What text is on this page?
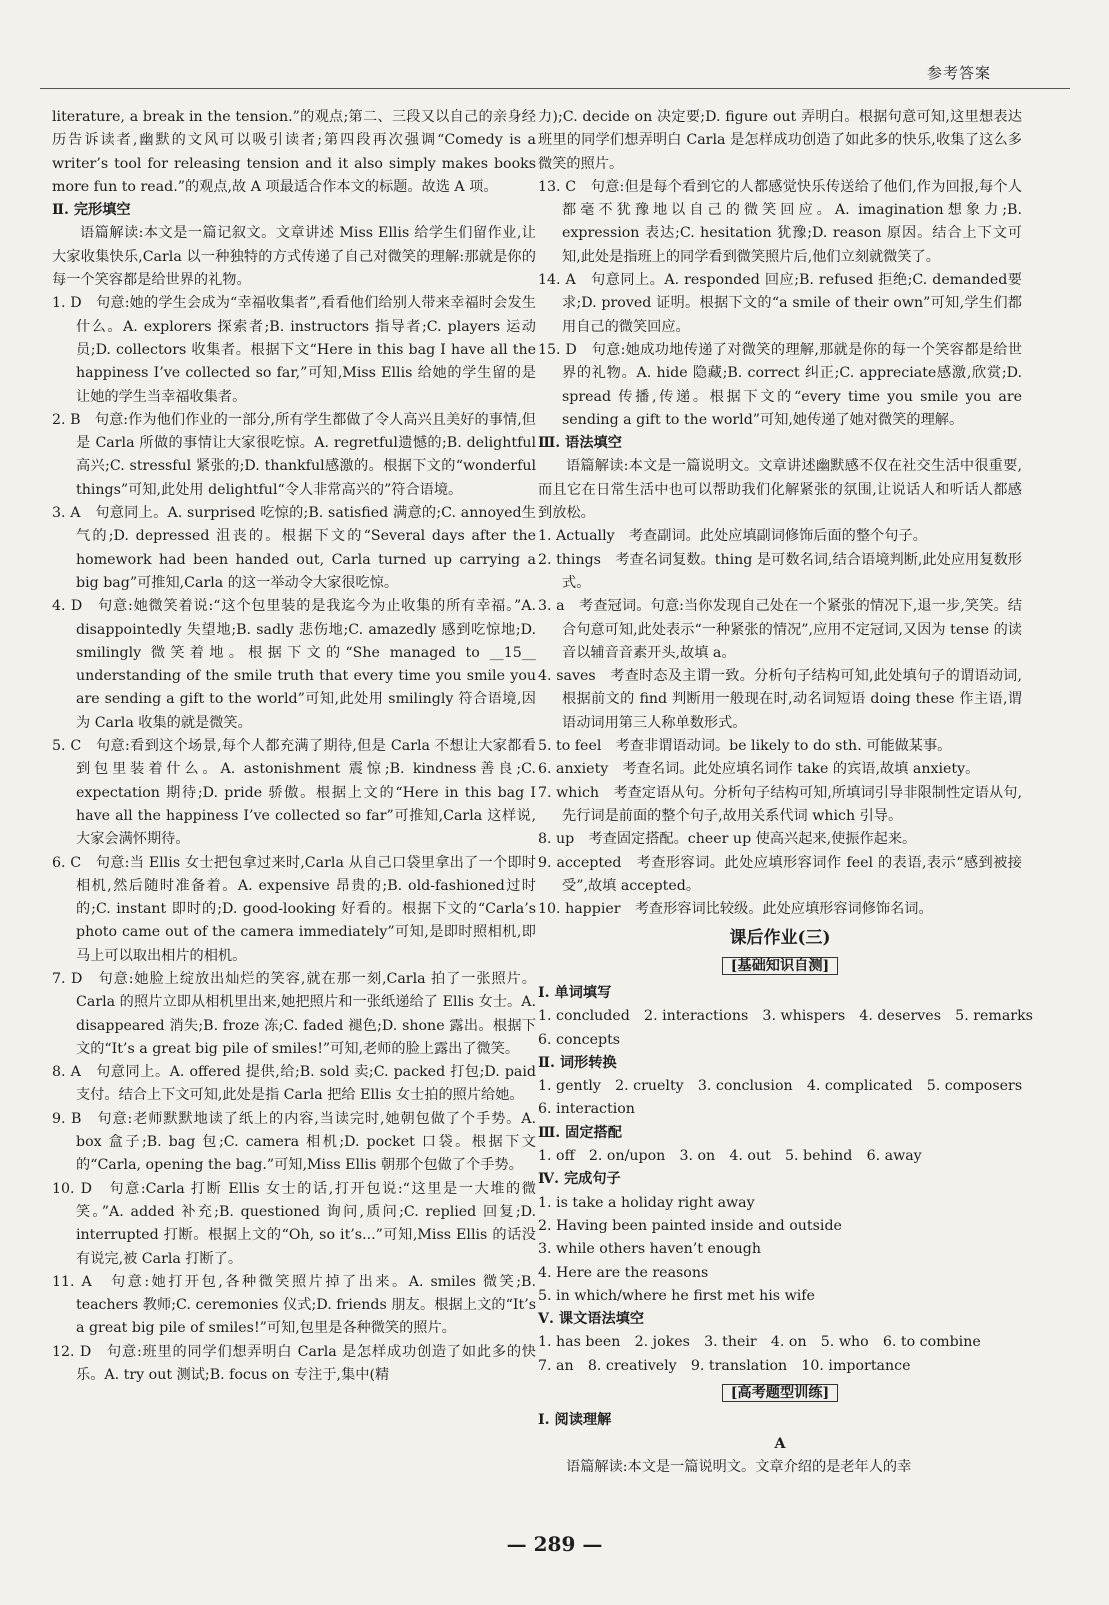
参考答案

literature, a break in the tension.”的观点;第二、三段又以自己的亲身经历告诉读者,幽默的文风可以吸引读者;第四段再次强调“Comedy is a writer’s tool for releasing tension and it also simply makes books more fun to read.”的观点,故 A 项最适合作本文的标题。故选 A 项。

Ⅱ. 完形填空

语篇解读:本文是一篇记叙文。文章讲述 Miss Ellis 给学生们留作业,让大家收集快乐,Carla 以一种独特的方式传递了自己对微笑的理解:那就是你的每一个笑容都是给世界的礼物。

1. D　句意:她的学生会成为“幸福收集者”,看看他们给别人带来幸福时会发生什么。A. explorers 探索者;B. instructors 指导者;C. players 运动员;D. collectors 收集者。根据下文“Here in this bag I have all the happiness I’ve collected so far,”可知,Miss Ellis 给她的学生留的是让她的学生当幸福收集者。

2. B　句意:作为他们作业的一部分,所有学生都做了令人高兴且美好的事情,但是 Carla 所做的事情让大家很吃惊。A. regretful遗憾的;B. delightful 高兴;C. stressful 紧张的;D. thankful感激的。根据下文的“wonderful things”可知,此处用 delightful“令人非常高兴的”符合语境。

3. A　句意同上。A. surprised 吃惊的;B. satisfied 满意的;C. annoyed生气的;D. depressed 沮丧的。根据下文的“Several days after the homework had been handed out, Carla turned up carrying a big bag”可推知,Carla 的这一举动令大家很吃惊。

4. D　句意:她微笑着说:“这个包里装的是我迄今为止收集的所有幸福。”A. disappointedly 失望地;B. sadly 悲伤地;C. amazedly 感到吃惊地;D. smilingly 微笑着地。根据下文的“She managed to __15__ understanding of the smile truth that every time you smile you are sending a gift to the world”可知,此处用 smilingly 符合语境,因为 Carla 收集的就是微笑。

5. C　句意:看到这个场景,每个人都充满了期待,但是 Carla 不想让大家都看到包里装着什么。A. astonishment 震惊;B. kindness善良;C. expectation 期待;D. pride 骄傲。根据上文的“Here in this bag I have all the happiness I’ve collected so far”可推知,Carla 这样说,大家会满怀期待。

6. C　句意:当 Ellis 女士把包拿过来时,Carla 从自己口袋里拿出了一个即时相机,然后随时准备着。A. expensive 昂贵的;B. old-fashioned过时的;C. instant 即时的;D. good-looking 好看的。根据下文的“Carla’s photo came out of the camera immediately”可知,是即时照相机,即马上可以取出相片的相机。

7. D　句意:她脸上绽放出灿烂的笑容,就在那一刻,Carla 拍了一张照片。Carla 的照片立即从相机里出来,她把照片和一张纸递给了 Ellis 女士。A. disappeared 消失;B. froze 冻;C. faded 褪色;D. shone 露出。根据下文的“It’s a great big pile of smiles!”可知,老师的脸上露出了微笑。

8. A　句意同上。A. offered 提供,给;B. sold 卖;C. packed 打包;D. paid 支付。结合上下文可知,此处是指 Carla 把给 Ellis 女士拍的照片给她。

9. B　句意:老师默默地读了纸上的内容,当读完时,她朝包做了个手势。A. box 盒子;B. bag 包;C. camera 相机;D. pocket 口袋。根据下文的“Carla, opening the bag.”可知,Miss Ellis 朝那个包做了个手势。

10. D　句意:Carla 打断 Ellis 女士的话,打开包说:“这里是一大堆的微笑。”A. added 补充;B. questioned 询问,质问;C. replied 回复;D. interrupted 打断。根据上文的“Oh, so it’s...”可知,Miss Ellis 的话没有说完,被 Carla 打断了。

11. A　句意:她打开包,各种微笑照片掉了出来。A. smiles 微笑;B. teachers 教师;C. ceremonies 仪式;D. friends 朋友。根据上文的“It’s a great big pile of smiles!”可知,包里是各种微笑的照片。

12. D　句意:班里的同学们想弄明白 Carla 是怎样成功创造了如此多的快乐。A. try out 测试;B. focus on 专注于,集中(精

力);C. decide on 决定要;D. figure out 弄明白。根据句意可知,这里想表达班里的同学们想弄明白 Carla 是怎样成功创造了如此多的快乐,收集了这么多微笑的照片。

13. C　句意:但是每个看到它的人都感觉快乐传送给了他们,作为回报,每个人都毫不犹豫地以自己的微笑回应。A. imagination想象力;B. expression 表达;C. hesitation 犹豫;D. reason 原因。结合上下文可知,此处是指班上的同学看到微笑照片后,他们立刻就微笑了。

14. A　句意同上。A. responded 回应;B. refused 拒绝;C. demanded要求;D. proved 证明。根据下文的“a smile of their own”可知,学生们都用自己的微笑回应。

15. D　句意:她成功地传递了对微笑的理解,那就是你的每一个笑容都是给世界的礼物。A. hide 隐藏;B. correct 纠正;C. appreciate感激,欣赏;D. spread 传播,传递。根据下文的“every time you smile you are sending a gift to the world”可知,她传递了她对微笑的理解。

Ⅲ. 语法填空

语篇解读:本文是一篇说明文。文章讲述幽默感不仅在社交生活中很重要,而且它在日常生活中也可以帮助我们化解紧张的氛围,让说话人和听话人都感到放松。

1. Actually　考查副词。此处应填副词修饰后面的整个句子。

2. things　考查名词复数。thing 是可数名词,结合语境判断,此处应用复数形式。

3. a　考查冠词。句意:当你发现自己处在一个紧张的情况下,退一步,笑笑。结合句意可知,此处表示“一种紧张的情况”,应用不定冠词,又因为 tense 的读音以辅音音素开头,故填 a。

4. saves　考查时态及主谓一致。分析句子结构可知,此处填句子的谓语动词,根据前文的 find 判断用一般现在时,动名词短语 doing these 作主语,谓语动词用第三人称单数形式。

5. to feel　考查非谓语动词。be likely to do sth. 可能做某事。

6. anxiety　考查名词。此处应填名词作 take 的宾语,故填 anxiety。

7. which　考查定语从句。分析句子结构可知,所填词引导非限制性定语从句,先行词是前面的整个句子,故用关系代词 which 引导。

8. up　考查固定搭配。cheer up 使高兴起来,使振作起来。

9. accepted　考查形容词。此处应填形容词作 feel 的表语,表示“感到被接受”,故填 accepted。

10. happier　考查形容词比较级。此处应填形容词修饰名词。

课后作业(三)

[基础知识自测]

Ⅰ. 单词填写

1. concluded　2. interactions　3. whispers　4. deserves　5. remarks

6. concepts

Ⅱ. 词形转换

1. gently　2. cruelty　3. conclusion　4. complicated　5. composers

6. interaction

Ⅲ. 固定搭配

1. off　2. on/upon　3. on　4. out　5. behind　6. away

Ⅳ. 完成句子

1. is take a holiday right away

2. Having been painted inside and outside

3. while others haven’t enough

4. Here are the reasons

5. in which/where he first met his wife

Ⅴ. 课文语法填空

1. has been　2. jokes　3. their　4. on　5. who　6. to combine

7. an　8. creatively　9. translation　10. importance

[高考题型训练]

Ⅰ. 阅读理解

A

语篇解读:本文是一篇说明文。文章介绍的是老年人的幸

— 289 —
